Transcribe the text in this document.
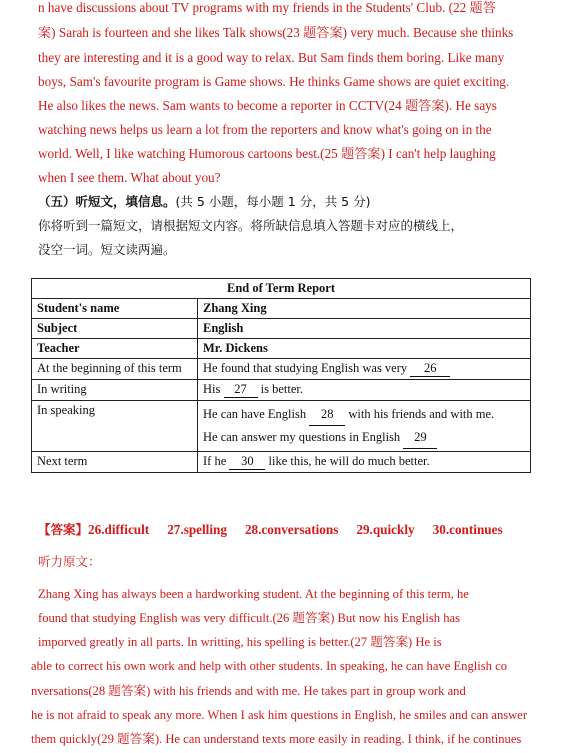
n have discussions about TV programs with my friends in the Students' Club. (22 题答
案) Sarah is fourteen and she likes Talk shows(23 题答案) very much. Because she thinks
they are interesting and it is a good way to relax. But Sam finds them boring. Like many
boys, Sam's favourite program is Game shows. He thinks Game shows are quiet exciting.
He also likes the news. Sam wants to become a reporter in CCTV(24 题答案). He says
watching news helps us learn a lot from the reporters and know what's going on in the
world. Well, I like watching Humorous cartoons best.(25 题答案) I can't help laughing
when I see them. What about you?
（五）听短文，填信息。(共 5 小题，每小题 1 分，共 5 分)
你将听到一篇短文，请根据短文内容。将所缺信息填入答题卡对应的横线上，
没空一词。短文读两遍。
End of Term Report	
Student's name	Zhang Xing
Subject	English
Teacher	Mr. Dickens
At the beginning of this term	He found that studying English was very 26
In writing	His 27 is better.
In speaking	He can have English 28 with his friends and with me.
He can answer my questions in English 29
Next term	If he 30 like this, he will do much better.
【答案】26.difficult 27.spelling 28.conversations 29.quickly 30.continues
听力原文：
Zhang Xing has always been a hardworking student. At the beginning of this term, he
found that studying English was very difficult.(26 题答案) But now his English has
imporved greatly in all parts. In writting, his spelling is better.(27 题答案) He is
able to correct his own work and help with other students. In speaking, he can have English co
nversations(28 题答案) with his friends and with me. He takes part in group work and
he is not afraid to speak any more. When I ask him questions in English, he smiles and can answer
them quickly(29 题答案). He can understand texts more easily in reading. I think, if he continues
